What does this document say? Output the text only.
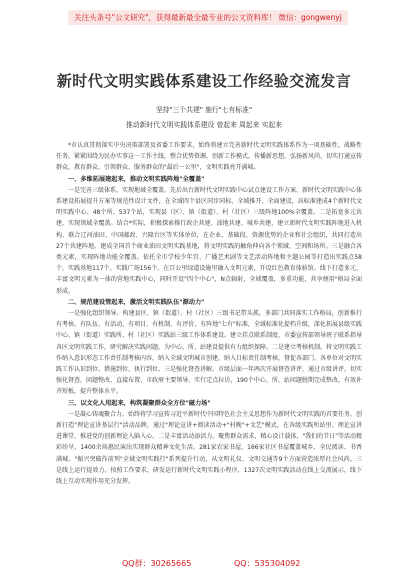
关注头条号"公文研究"，获得最新最全最专业的公文资料库！ 微信：gongwenyj
新时代文明实践体系建设工作经验交流发言
坚持"三个共建" 施行"七有标准"
推动新时代文明实践体系建设 曾起来 周起来 实起来

*市认真贯彻落实中央决策部署及省委工作要求，始终将建立完善新时代文明实践体系作为一项基础性、战略性任务，紧紧围绕为民办实事这一工作主线，整合优势资源，创新工作模式，传播新思想，弘扬新风尚，切实打通宣传群众、教育群众、引领群众、服务群众的"最后一公里"，文明实践亮开满城。

一、多维拓展建起来，推动文明实践阵地"全覆盖"

一是完善三级体系，实现地域全覆盖。先后出台新时代文明实践中心试点建设工作方案、新时代文明实践中心体系建设拓展提升方案等规范性设计文件，在全域四个县区同步同标、全域推开、全面建设，高标准建成4个新时代文明实践中心、48个所、537个站，实现县（区）、镇（街道）、村（社区）三级阵地100%全覆盖。二是拓宽多元共建，实现领域全覆盖。结合*实际，积极探索推行政企共建、油地共建、城乡共建，建立新时代文明实践阵地进入机构、联合辽河油田、中国邮政、兴隆台区等实体单位，在企业、基础段、资源优势的企业和社会组织，共同打造出27个共建阵地，建成全国首个商业油田文明实践基地，将文明实践的触角伸向各个领域、空间和场所。三是融合各类元素，实现阵地功能全覆盖。依托全市学校少年宫、广播艺术剧等文艺活动阵地和主题公园等打造出实践点58个，实践基地117个、实践广场156个。在百公里绿道设施里融入文明元素，开设红色教育体验馆。线下打造多元、丰富文明元素为一体的营地实践中心，同时开设"四个中心"，N点辐射，全域覆盖，多重功能，共享便用"格局全面形成。

二、规范建设管起来，激活文明实践队伍"源动力"

一是强化组织领导。构建县区、镇（街道）、村（社区）三级书记带头抓，多部门共同落实工作格局，创新推行有考核、有队伍、有活动、有项目、有机制、有评价、有阵地"七有"标准，全域标准化提档升级，深化拓展县级实践中心、镇（街道）实践所、村（社区）实践站三级工作体系建设。建立挂点联系制度，市委宣传部领导班子联系指导各区文明实践工作，研究解决实践问题，为中心、所、站建设提供有力组织保障。二是建立考核机制。将文明实践工作纳入意识形态工作责任制考核内容，纳入全域文明城市创建，纳入目标责任制考核，督促各部门、各单位对文明实践工作认识到位、措施到位、执行到位。三是强化督查讲解。市级层面一年两次开展督查讲评，通过市级讲评，切实强化督查，问题整改，直接布置、市政府主要领导、实行定点拉访，190个中心、所、站问题脱期完成整改，有效补齐短板，提升整体水平。

三、以文化人用起来，构筑凝聚群众全方位"磁力场"

一是凝心铸魂聚合力。始终将学习宣传习近平新时代中国特色社会主义思想作为新时代文明实践的首要任务，创新打造"理论宣讲基层行"活动品牌，通过"理论宣讲+阅读活动+"村晚"+文艺"模式，在各级实践所站里、理论宣讲进课堂、推进党的创新理论入脑入心，二是丰富活动添活力。聚焦群众需求，精心设计载体，"我们的节日"等活动精彩纷呈，1400余场惠民演出实现群众精神文化生活。281家农家书屋、166家社区书屋覆盖城乡，全民阅读、书香满城。"振兴突破作前列"全域文明实践行"系列提升行动，从文明礼仪、文明交通等9个方面营造浓厚社会风尚。三是线上运行提效力。按照工作要求，研发运行新时代文明实践小程序，1327次文明实践活动在线上交流展示，线下线上互动实现作用充分发挥。

QQ群：30265665	QQ：535304092
